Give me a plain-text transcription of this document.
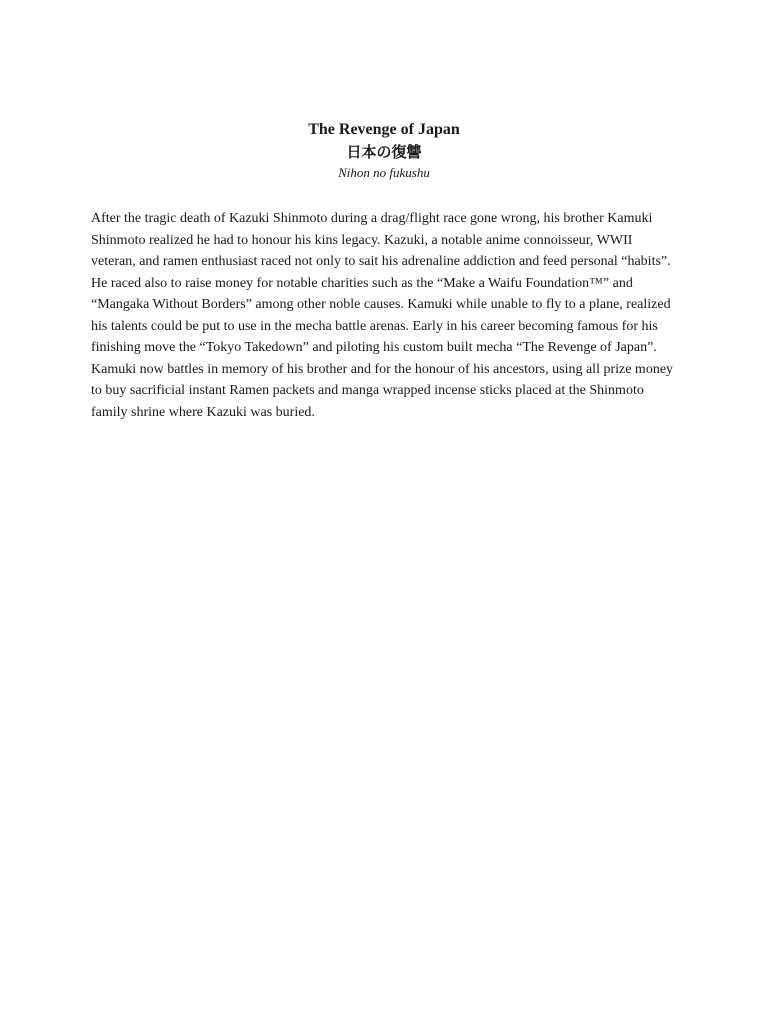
The Revenge of Japan

日本の復讐

Nihon no fukushu

After the tragic death of Kazuki Shinmoto during a drag/flight race gone wrong, his brother Kamuki Shinmoto realized he had to honour his kins legacy. Kazuki, a notable anime connoisseur, WWII veteran, and ramen enthusiast raced not only to sait his adrenaline addiction and feed personal “habits”. He raced also to raise money for notable charities such as the “Make a Waifu Foundation™” and “Mangaka Without Borders” among other noble causes. Kamuki while unable to fly to a plane, realized his talents could be put to use in the mecha battle arenas. Early in his career becoming famous for his finishing move the “Tokyo Takedown” and piloting his custom built mecha “The Revenge of Japan”. Kamuki now battles in memory of his brother and for the honour of his ancestors, using all prize money to buy sacrificial instant Ramen packets and manga wrapped incense sticks placed at the Shinmoto family shrine where Kazuki was buried.
